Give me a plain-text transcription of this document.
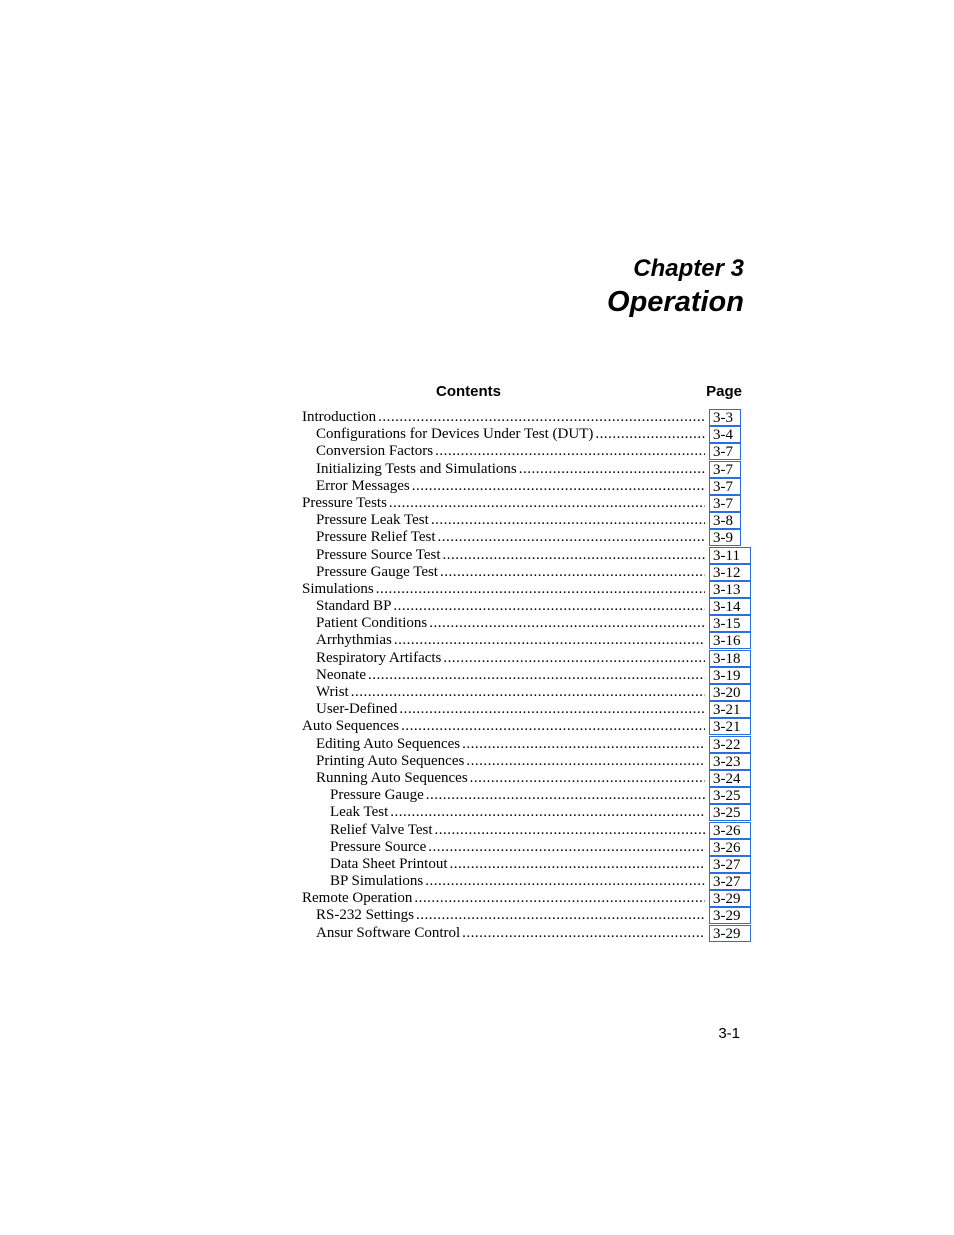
Chapter 3
Operation
Contents	Page
Introduction .....	3-3
Configurations for Devices Under Test (DUT) .....	3-4
Conversion Factors .....	3-7
Initializing Tests and Simulations .....	3-7
Error Messages .....	3-7
Pressure Tests .....	3-7
Pressure Leak Test .....	3-8
Pressure Relief Test .....	3-9
Pressure Source Test .....	3-11
Pressure Gauge Test .....	3-12
Simulations .....	3-13
Standard BP .....	3-14
Patient Conditions .....	3-15
Arrhythmias .....	3-16
Respiratory Artifacts .....	3-18
Neonate .....	3-19
Wrist .....	3-20
User-Defined .....	3-21
Auto Sequences .....	3-21
Editing Auto Sequences .....	3-22
Printing Auto Sequences .....	3-23
Running Auto Sequences .....	3-24
Pressure Gauge .....	3-25
Leak Test .....	3-25
Relief Valve Test .....	3-26
Pressure Source .....	3-26
Data Sheet Printout .....	3-27
BP Simulations .....	3-27
Remote Operation .....	3-29
RS-232 Settings .....	3-29
Ansur Software Control .....	3-29
3-1
